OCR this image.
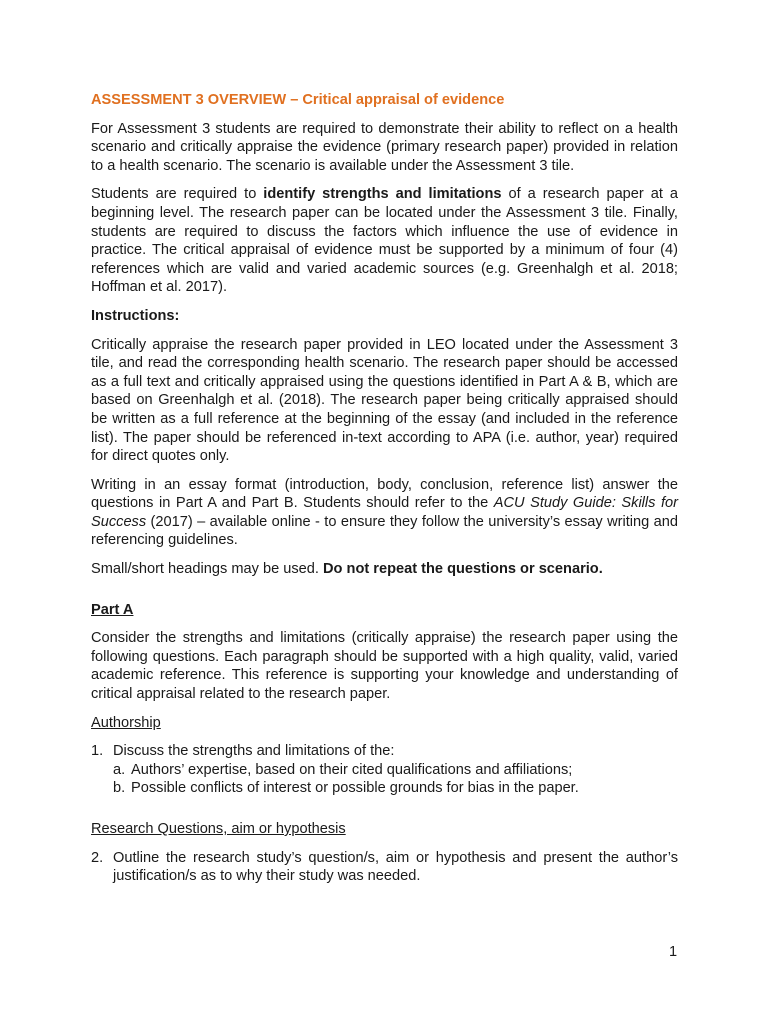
ASSESSMENT 3 OVERVIEW – Critical appraisal of evidence

For Assessment 3 students are required to demonstrate their ability to reflect on a health scenario and critically appraise the evidence (primary research paper) provided in relation to a health scenario. The scenario is available under the Assessment 3 tile.

Students are required to identify strengths and limitations of a research paper at a beginning level. The research paper can be located under the Assessment 3 tile. Finally, students are required to discuss the factors which influence the use of evidence in practice. The critical appraisal of evidence must be supported by a minimum of four (4) references which are valid and varied academic sources (e.g. Greenhalgh et al. 2018; Hoffman et al. 2017).

Instructions:

Critically appraise the research paper provided in LEO located under the Assessment 3 tile, and read the corresponding health scenario. The research paper should be accessed as a full text and critically appraised using the questions identified in Part A & B, which are based on Greenhalgh et al. (2018). The research paper being critically appraised should be written as a full reference at the beginning of the essay (and included in the reference list). The paper should be referenced in-text according to APA (i.e. author, year) required for direct quotes only.

Writing in an essay format (introduction, body, conclusion, reference list) answer the questions in Part A and Part B. Students should refer to the ACU Study Guide: Skills for Success (2017) – available online - to ensure they follow the university’s essay writing and referencing guidelines.

Small/short headings may be used. Do not repeat the questions or scenario.

Part A

Consider the strengths and limitations (critically appraise) the research paper using the following questions. Each paragraph should be supported with a high quality, valid, varied academic reference. This reference is supporting your knowledge and understanding of critical appraisal related to the research paper.

Authorship

1. Discuss the strengths and limitations of the:
a. Authors’ expertise, based on their cited qualifications and affiliations;
b. Possible conflicts of interest or possible grounds for bias in the paper.

Research Questions, aim or hypothesis

2. Outline the research study’s question/s, aim or hypothesis and present the author’s justification/s as to why their study was needed.
1
